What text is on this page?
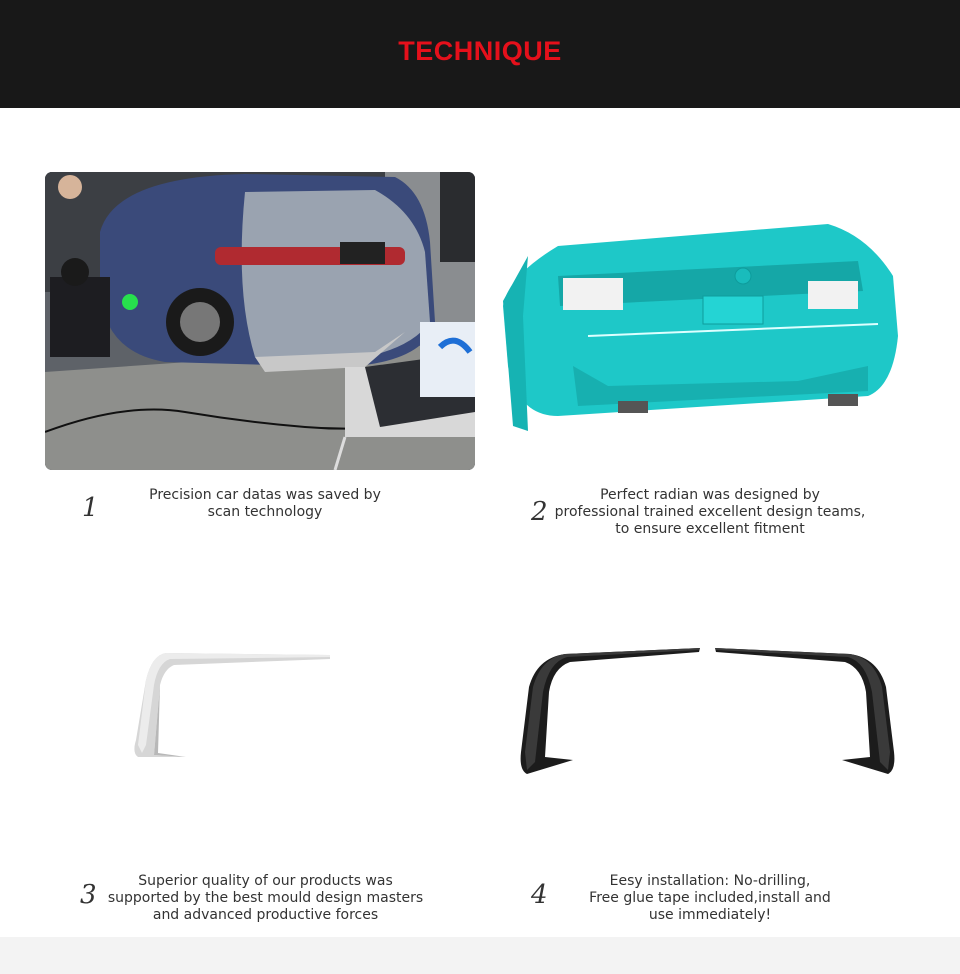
TECHNIQUE
1	2
3	4
Precision car datas was saved by
scan technology
Perfect radian was designed by
professional trained excellent design teams,
to ensure excellent fitment
Superior quality of our products was
supported by the best mould design masters
and advanced productive forces
Eesy installation: No-drilling,
Free glue tape included,install and
use immediately!
